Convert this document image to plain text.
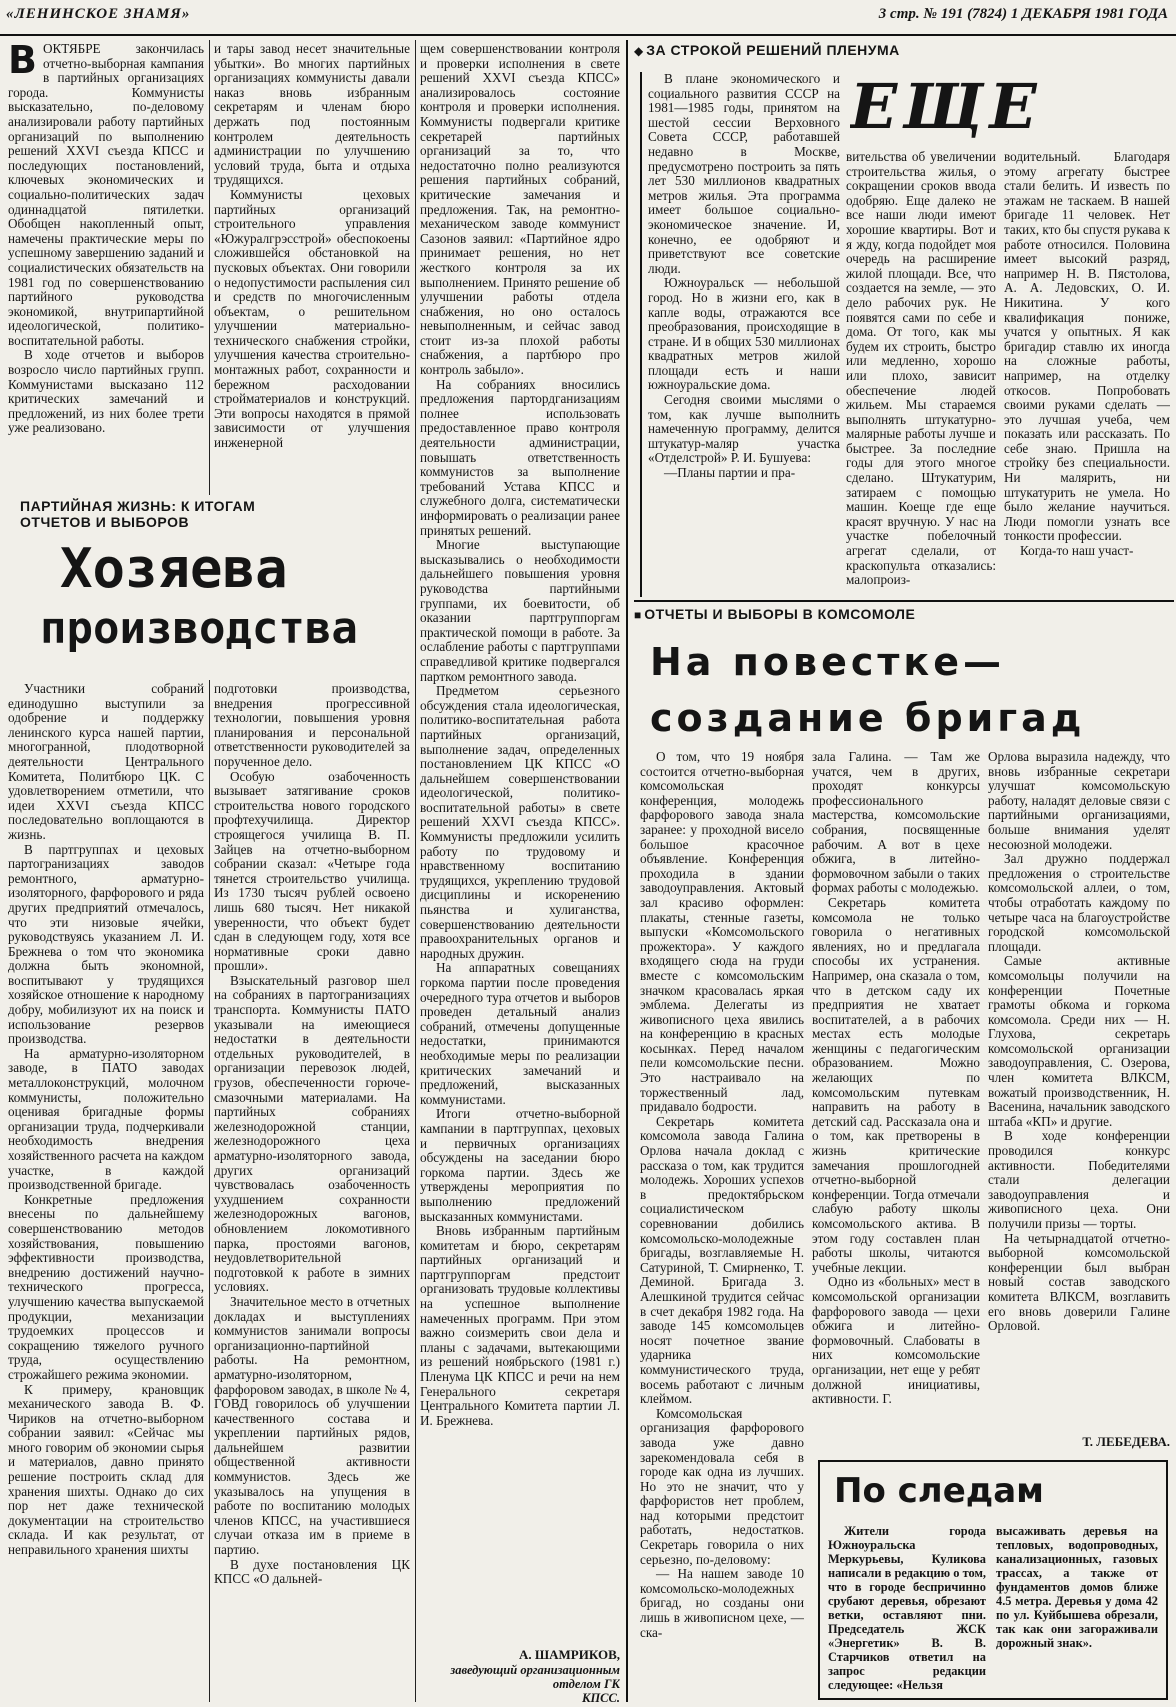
«ЛЕНИНСКОЕ ЗНАМЯ»	3 стр. № 191 (7824) 1 ДЕКАБРЯ 1981 ГОДА

ВОКТЯБРЕ закончилась отчетно-выборная кампания в партийных организациях города. Коммунисты высказательно, по-деловому анализировали работу партийных организаций по выполнению решений XXVI съезда КПСС и последующих постановлений, ключевых экономических и социально-политических задач одиннадцатой пятилетки. Обобщен накопленный опыт, намечены практические меры по успешному завершению заданий и социалистических обязательств на 1981 год по совершенствованию партийного руководства экономикой, внутрипартийной идеологической, политико-воспитательной работы.

В ходе отчетов и выборов возросло число партийных групп. Коммунистами высказано 112 критических замечаний и предложений, из них более трети уже реализовано.

и тары завод несет значительные убытки». Во многих партийных организациях коммунисты давали наказ вновь избранным секретарям и членам бюро держать под постоянным контролем деятельность администрации по улучшению условий труда, быта и отдыха трудящихся.

Коммунисты цеховых партийных организаций строительного управления «Южуралгрэсстрой» обеспокоены сложившейся обстановкой на пусковых объектах. Они говорили о недопустимости распыления сил и средств по многочисленным объектам, о решительном улучшении материально-технического снабжения стройки, улучшения качества строительно-монтажных работ, сохранности и бережном расходовании стройматериалов и конструкций. Эти вопросы находятся в прямой зависимости от улучшения инженерной

щем совершенствовании контроля и проверки исполнения в свете решений XXVI съезда КПСС» анализировалось состояние контроля и проверки исполнения. Коммунисты подвергали критике секретарей партийных организаций за то, что недостаточно полно реализуются решения партийных собраний, критические замечания и предложения. Так, на ремонтно-механическом заводе коммунист Сазонов заявил: «Партийное ядро принимает решения, но нет жесткого контроля за их выполнением. Принято решение об улучшении работы отдела снабжения, но оно осталось невыполненным, и сейчас завод стоит из-за плохой работы снабжения, а партбюро про контроль забыло».

На собраниях вносились предложения партордганизациям полнее использовать предоставленное право контроля деятельности администрации, повышать ответственность коммунистов за выполнение требований Устава КПСС и служебного долга, систематически информировать о реализации ранее принятых решений.

Многие выступающие высказывались о необходимости дальнейшего повышения уровня руководства партийными группами, их боевитости, об оказании партгруппоргам практической помощи в работе. За ослабление работы с партгруппами справедливой критике подвергался партком ремонтного завода.

Предметом серьезного обсуждения стала идеологическая, политико-воспитательная работа партийных организаций, выполнение задач, определенных постановлением ЦК КПСС «О дальнейшем совершенствовании идеологической, политико-воспитательной работы» в свете решений XXVI съезда КПСС». Коммунисты предложили усилить работу по трудовому и нравственному воспитанию трудящихся, укреплению трудовой дисциплины и искоренению пьянства и хулиганства, совершенствованию деятельности правоохранительных органов и народных дружин.

На аппаратных совещаниях горкома партии после проведения очередного тура отчетов и выборов проведен детальный анализ собраний, отмечены допущенные недостатки, принимаются необходимые меры по реализации критических замечаний и предложений, высказанных коммунистами.

Итоги отчетно-выборной кампании в партгруппах, цеховых и первичных организациях обсуждены на заседании бюро горкома партии. Здесь же утверждены мероприятия по выполнению предложений высказанных коммунистами.

Вновь избранным партийным комитетам и бюро, секретарям партийных организаций и партгруппоргам предстоит организовать трудовые коллективы на успешное выполнение намеченных программ. При этом важно соизмерить свои дела и планы с задачами, вытекающими из решений ноябрьского (1981 г.) Пленума ЦК КПСС и речи на нем Генерального секретаря Центрального Комитета партии Л. И. Брежнева.

А. ШАМРИКОВ,
заведующий организационным отделом ГК
КПСС.
ПАРТИЙНАЯ ЖИЗНЬ: К ИТОГАМ
ОТЧЕТОВ И ВЫБОРОВ
Хозяева
производства

Участники собраний единодушно выступили за одобрение и поддержку ленинского курса нашей партии, многогранной, плодотворной деятельности Центрального Комитета, Политбюро ЦК. С удовлетворением отметили, что идеи XXVI съезда КПСС последовательно воплощаются в жизнь.

В партгруппах и цеховых партогранизациях заводов ремонтного, арматурно-изоляторного, фарфорового и ряда других предприятий отмечалось, что эти низовые ячейки, руководствуясь указанием Л. И. Брежнева о том что экономика должна быть экономной, воспитывают у трудящихся хозяйское отношение к народному добру, мобилизуют их на поиск и использование резервов производства.

На арматурно-изоляторном заводе, в ПАТО заводах металлоконструкций, молочном коммунисты, положительно оценивая бригадные формы организации труда, подчеркивали необходимость внедрения хозяйственного расчета на каждом участке, в каждой производственной бригаде.

Конкретные предложения внесены по дальнейшему совершенствованию методов хозяйствования, повышению эффективности производства, внедрению достижений научно-технического прогресса, улучшению качества выпускаемой продукции, механизации трудоемких процессов и сокращению тяжелого ручного труда, осуществлению строжайшего режима экономии.

К примеру, крановщик механического завода В. Ф. Чириков на отчетно-выборном собрании заявил: «Сейчас мы много говорим об экономии сырья и материалов, давно принято решение построить склад для хранения шихты. Однако до сих пор нет даже технической документации на строительство склада. И как результат, от неправильного хранения шихты

подготовки производства, внедрения прогрессивной технологии, повышения уровня планирования и персональной ответственности руководителей за порученное дело.

Особую озабоченность вызывает затягивание сроков строительства нового городского профтехучилища. Директор строящегося училища В. П. Зайцев на отчетно-выборном собрании сказал: «Четыре года тянется строительство училища. Из 1730 тысяч рублей освоено лишь 680 тысяч. Нет никакой уверенности, что объект будет сдан в следующем году, хотя все нормативные сроки давно прошли».

Взыскательный разговор шел на собраниях в партогранизациях транспорта. Коммунисты ПАТО указывали на имеющиеся недостатки в деятельности отдельных руководителей, в организации перевозок людей, грузов, обеспеченности горюче-смазочными материалами. На партийных собраниях железнодорожной станции, железнодорожного цеха арматурно-изоляторного завода, других организаций чувствовалась озабоченность ухудшением сохранности железнодорожных вагонов, обновлением локомотивного парка, простоями вагонов, неудовлетворительной подготовкой к работе в зимних условиях.

Значительное место в отчетных докладах и выступлениях коммунистов занимали вопросы организационно-партийной работы. На ремонтном, арматурно-изоляторном, фарфоровом заводах, в школе № 4, ГОВД говорилось об улучшении качественного состава и укреплении партийных рядов, дальнейшем развитии общественной активности коммунистов. Здесь же указывалось на упущения в работе по воспитанию молодых членов КПСС, на участившиеся случаи отказа им в приеме в партию.

В духе постановления ЦК КПСС «О дальней-

◆ ЗА СТРОКОЙ РЕШЕНИЙ ПЛЕНУМА
ЕЩЕ

В плане экономического и социального развития СССР на 1981—1985 годы, принятом на шестой сессии Верховного Совета СССР, работавшей недавно в Москве, предусмотрено построить за пять лет 530 миллионов квадратных метров жилья. Эта программа имеет большое социально-экономическое значение. И, конечно, ее одобряют и приветствуют все советские люди.

Южноуральск — небольшой город. Но в жизни его, как в капле воды, отражаются все преобразования, происходящие в стране. И в общих 530 миллионах квадратных метров жилой площади есть и наши южноуральские дома.

Сегодня своими мыслями о том, как лучше выполнить намеченную программу, делится штукатур-маляр участка «Отделстрой» Р. И. Бушуева:

—Планы партии и пра-

вительства об увеличении строительства жилья, о сокращении сроков ввода одобряю. Еще далеко не все наши люди имеют хорошие квартиры. Вот и я жду, когда подойдет моя очередь на расширение жилой площади. Все, что создается на земле, — это дело рабочих рук. Не появятся сами по себе и дома. От того, как мы будем их строить, быстро или медленно, хорошо или плохо, зависит обеспечение людей жильем. Мы стараемся выполнять штукатурно-малярные работы лучше и быстрее. За последние годы для этого многое сделано. Штукатурим, затираем с помощью машин. Коеще где еще красят вручную. У нас на участке побелочный агрегат сделали, от краскопульта отказались: малопроиз-

водительный. Благодаря этому агрегату быстрее стали белить. И известь по этажам не таскаем. В нашей бригаде 11 человек. Нет таких, кто бы спустя рукава к работе относился. Половина имеет высокий разряд, например Н. В. Пястолова, А. А. Ледовских, О. И. Никитина. У кого квалификация пониже, учатся у опытных. Я как бригадир ставлю их иногда на сложные работы, например, на отделку откосов. Попробовать своими руками сделать — это лучшая учеба, чем показать или рассказать. По себе знаю. Пришла на стройку без специальности. Ни малярить, ни штукатурить не умела. Но было желание научиться. Люди помогли узнать все тонкости профессии.

Когда-то наш участ-

■ ОТЧЕТЫ И ВЫБОРЫ В КОМСОМОЛЕ
На повестке—
создание бригад

О том, что 19 ноября состоится отчетно-выборная комсомольская конференция, молодежь фарфорового завода знала заранее: у проходной висело большое красочное объявление. Конференция проходила в здании заводоуправления. Актовый зал красиво оформлен: плакаты, стенные газеты, выпуски «Комсомольского прожектора». У каждого входящего сюда на груди вместе с комсомольским значком красовалась яркая эмблема. Делегаты из живописного цеха явились на конференцию в красных косынках. Перед началом пели комсомольские песни. Это настраивало на торжественный лад, придавало бодрости.

Секретарь комитета комсомола завода Галина Орлова начала доклад с рассказа о том, как трудится молодежь. Хороших успехов в предоктябрьском социалистическом соревновании добились комсомольско-молодежные бригады, возглавляемые Н. Сатуриной, Т. Смирненко, Т. Деминой. Бригада З. Алешкиной трудится сейчас в счет декабря 1982 года. На заводе 145 комсомольцев носят почетное звание ударника коммунистического труда, восемь работают с личным клеймом.

Комсомольская организация фарфорового завода уже давно зарекомендовала себя в городе как одна из лучших. Но это не значит, что у фарфористов нет проблем, над которыми предстоит работать, недостатков. Секретарь говорила о них серьезно, по-деловому:

— На нашем заводе 10 комсомольско-молодежных бригад, но созданы они лишь в живописном цехе, — ска-

зала Галина. — Там же учатся, чем в других, проходят конкурсы профессионального мастерства, комсомольские собрания, посвященные рабочим. А вот в цехе обжига, в литейно-формовочном забыли о таких формах работы с молодежью.

Секретарь комитета комсомола не только говорила о негативных явлениях, но и предлагала способы их устранения. Например, она сказала о том, что в детском саду их предприятия не хватает воспитателей, а в рабочих местах есть молодые женщины с педагогическим образованием. Можно желающих по комсомольским путевкам направить на работу в детский сад. Рассказала она и о том, как претворены в жизнь критические замечания прошлогодней отчетно-выборной конференции. Тогда отмечали слабую работу школы комсомольского актива. В этом году составлен план работы школы, читаются учебные лекции.

Одно из «больных» мест в комсомольской организации фарфорового завода — цехи обжига и литейно-формовочный. Слабоваты в них комсомольские организации, нет еще у ребят должной инициативы, активности. Г.

Орлова выразила надежду, что вновь избранные секретари улучшат комсомольскую работу, наладят деловые связи с партийными организациями, больше внимания уделят несоюзной молодежи.

Зал дружно поддержал предложения о строительстве комсомольской аллеи, о том, чтобы отработать каждому по четыре часа на благоустройстве городской комсомольской площади.

Самые активные комсомольцы получили на конференции Почетные грамоты обкома и горкома комсомола. Среди них — Н. Глухова, секретарь комсомольской организации заводоуправления, С. Озерова, член комитета ВЛКСМ, вожатый производственник, Н. Васенина, начальник заводского штаба «КП» и другие.

В ходе конференции проводился конкурс активности. Победителями стали делегации заводоуправления и живописного цеха. Они получили призы — торты.

На четырнадцатой отчетно-выборной комсомольской конференции был выбран новый состав заводского комитета ВЛКСМ, возглавить его вновь доверили Галине Орловой.

Т. ЛЕБЕДЕВА.
По следам

Жители города Южноуральска Меркурьевы, Куликова написали в редакцию о том, что в городе беспричинно срубают деревья, обрезают ветки, оставляют пни. Председатель ЖСК «Энергетик» В. В. Старчиков ответил на запрос редакции следующее: «Нельзя

высаживать деревья на тепловых, водопроводных, канализационных, газовых трассах, а также от фундаментов домов ближе 4.5 метра. Деревья у дома 42 по ул. Куйбышева обрезали, так как они загораживали дорожный знак».
